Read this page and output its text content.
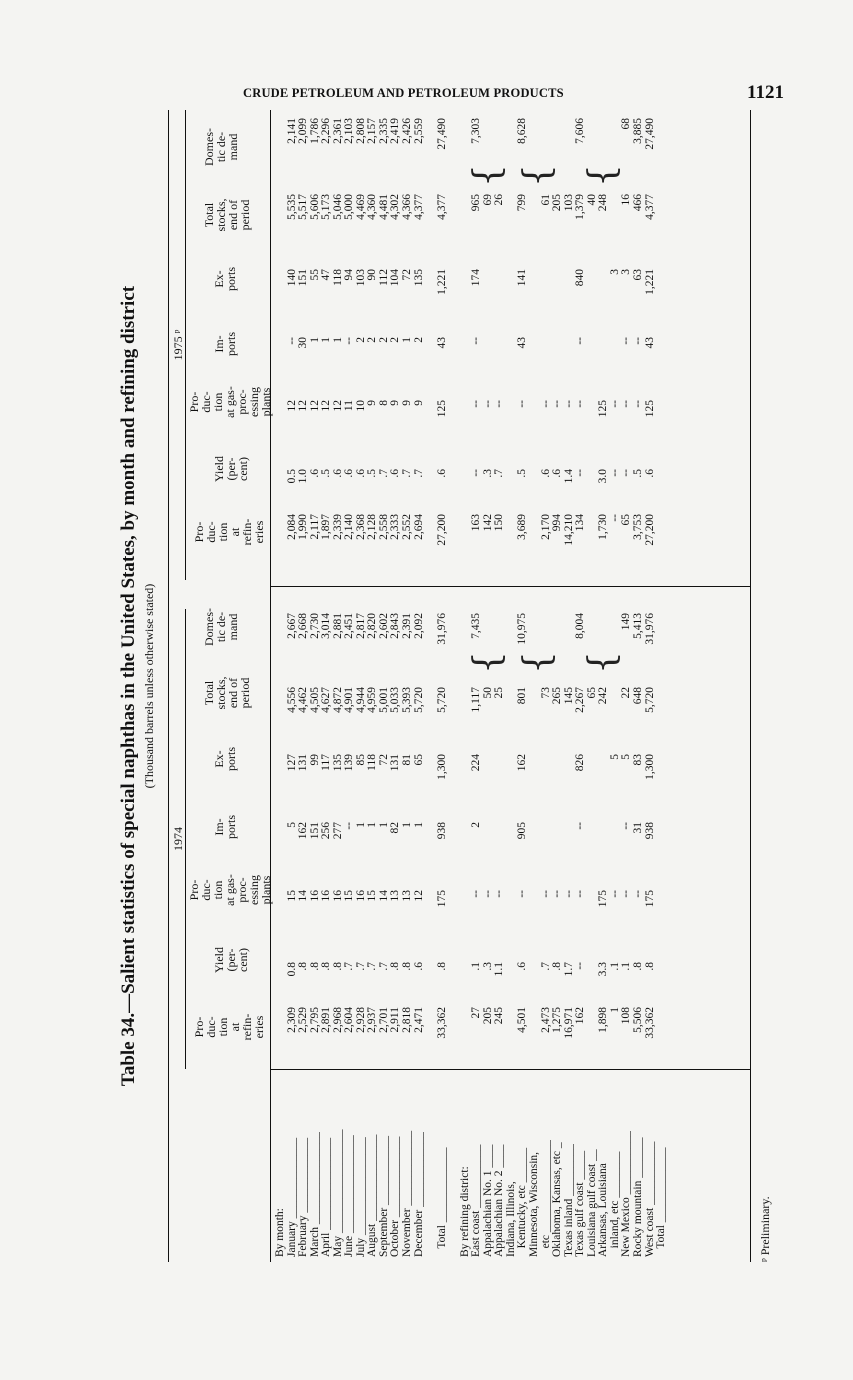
CRUDE PETROLEUM AND PETROLEUM PRODUCTS	1121
Table 34.—Salient statistics of special naphthas in the United States, by month and refining district (Thousand barrels unless otherwise stated)
By month:
January ______________
February _____________
March ________________
April ________________
May __________________
June _________________
July _________________
August _______________
September ____________
October ______________
November _____________
December _____________

Total _____________

By refining district:
East coast ___________
Appalachian No. 1 ____
Appalachian No. 2 ____
Indiana, Illinois,
Kentucky, etc ______
Minnesota, Wisconsin,
etc ________________
Oklahoma, Kansas, etc _
Texas inland _________
Texas gulf coast _____
Louisiana gulf coast __
Arkansas, Louisiana
inland, etc ________
New Mexico ___________
Rocky mountain _______
West coast ___________
Total _____________
1974
1975 ᵖ
Pro-
duc-
tion
at
refin-
eries
Yield
(per-
cent)
Pro-
duc-
tion
at gas-
proc-
essing
plants
Im-
ports
Ex-
ports
Total
stocks,
end of
period
Domes-
tic de-
mand
Pro-
duc-
tion
at
refin-
eries
Yield
(per-
cent)
Pro-
duc-
tion
at gas-
proc-
essing
plants
Im-
ports
Ex-
ports
Total
stocks,
end of
period
Domes-
tic de-
mand

2,309
2,529
2,795
2,891
2,968
2,604
2,928
2,937
2,701
2,911
2,818
2,471

33,362

27
205
245

4,501

2,473
1,275
16,971
162

1,898
1
108
5,506
33,362

0.8
.8
.8
.8
.8
.7
.7
.7
.7
.8
.8
.6

.8

.1
.3
1.1

.6

.7
.8
1.7
--

3.3
.1
.1
.8
.8

15
14
16
16
16
15
16
15
14
13
13
12

175

--
--
--

--

--
--
--
--

175
--
--
--
175

5
162
151
256
277
--
1
1
1
82
1
1

938

2

905

--

--
31
938

127
131
99
117
135
139
85
118
72
131
81
65

1,300

224

162

826

5
5
83
1,300

4,556
4,462
4,505
4,627
4,872
4,901
4,944
4,959
5,001
5,033
5,393
5,720

5,720

1,117
50
25

801

73
265
145
2,267
65
242

22
648
5,720

2,667
2,668
2,730
3,014
2,881
2,451
2,817
2,820
2,602
2,843
2,391
2,092

31,976

7,435

10,975

8,004

149
5,413
31,976

2,084
1,990
2,117
1,897
2,339
2,140
2,368
2,128
2,558
2,333
2,552
2,694

27,200

163
142
150

3,689

2,170
994
14,210
134

1,730
--
65
3,753
27,200

0.5
1.0
.6
.5
.6
.6
.6
.5
.7
.6
.7
.7

.6

--
.3
.7

.5

.6
.6
1.4
--

3.0
--
--
.5
.6

12
12
12
12
12
11
10
9
8
9
9
9

125

--
--
--

--

--
--
--
--

125
--
--
--
125

--
30
1
1
1
--
2
2
2
2
1
2

43

--

43

--

--
--
43

140
151
55
47
118
94
103
90
112
104
72
135

1,221

174

141

840

3
3
63
1,221

5,535
5,517
5,606
5,173
5,046
5,000
4,469
4,360
4,481
4,302
4,366
4,377

4,377

965
69
26

799

61
205
103
1,379
40
248

16
466
4,377

2,141
2,099
1,786
2,296
2,361
2,103
2,808
2,157
2,335
2,419
2,426
2,559

27,490

7,303

8,628

7,606

68
3,885
27,490
{ { {
{ { {
ᵖ Preliminary.
